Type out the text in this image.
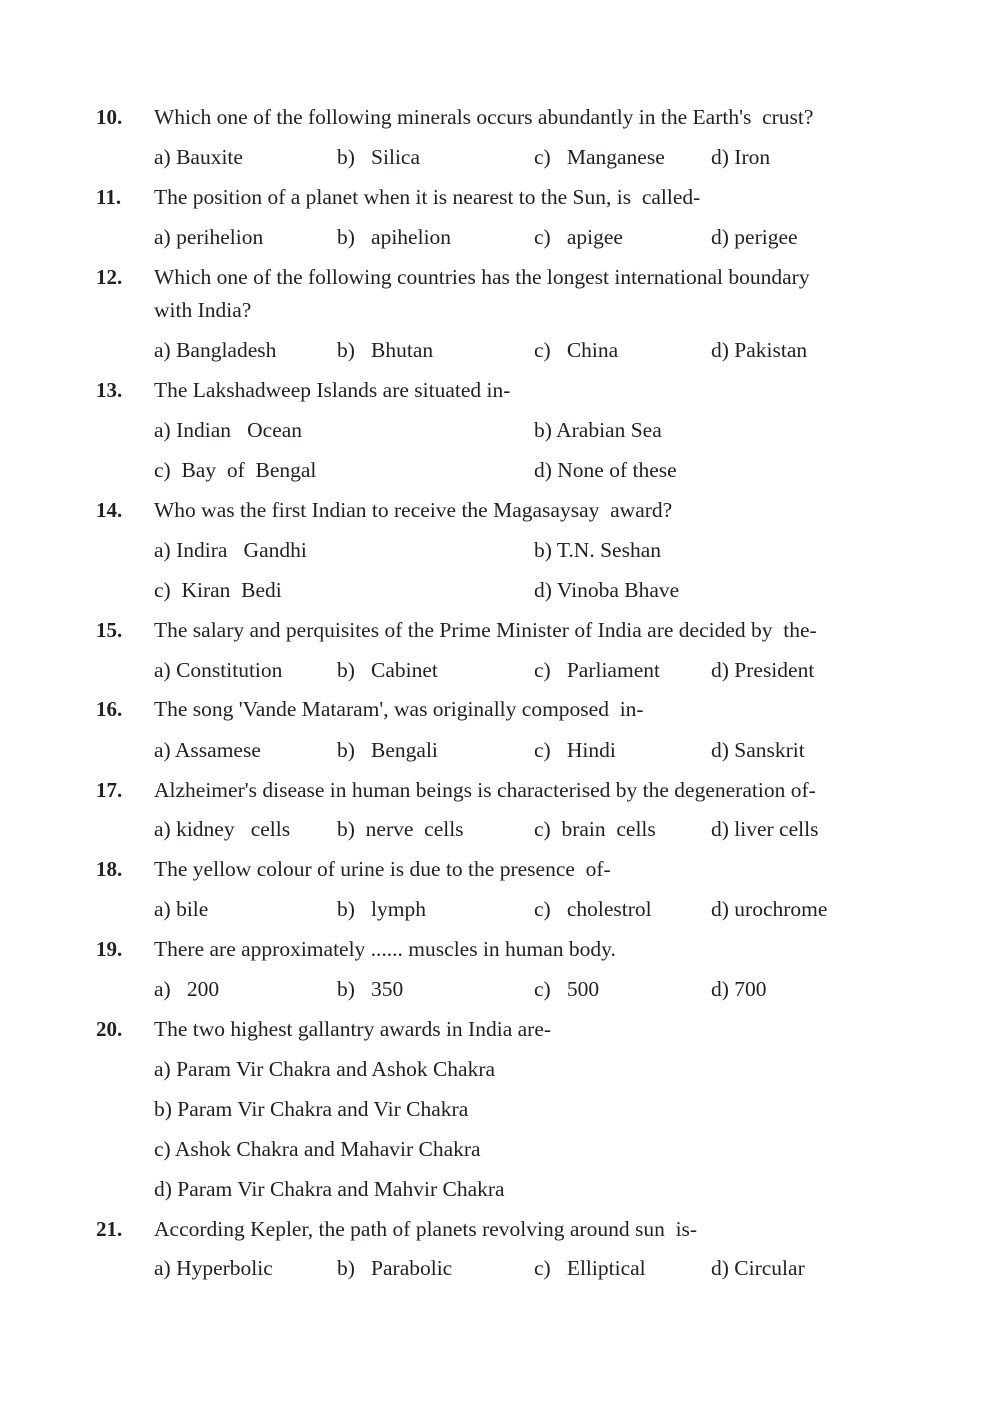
10. Which one of the following minerals occurs abundantly in the Earth's  crust?
a) Bauxite	b)   Silica	c)   Manganese d) Iron
11. The position of a planet when it is nearest to the Sun, is  called-
a) perihelion	b)   apihelion	c)   apigee	d) perigee
12. Which one of the following countries has the longest international boundary
with India?
a) Bangladesh	b)   Bhutan	c)   China	d) Pakistan
13. The Lakshadweep Islands are situated in-
a) Indian   Ocean	b) Arabian Sea
c)  Bay  of  Bengal	d) None of these
14. Who was the first Indian to receive the Magasaysay  award?
a) Indira   Gandhi	b) T.N. Seshan
c)  Kiran  Bedi	d) Vinoba Bhave
15. The salary and perquisites of the Prime Minister of India are decided by  the-
a) Constitution	b)   Cabinet	c)   Parliament d) President
16. The song 'Vande Mataram', was originally composed  in-
a) Assamese	b)   Bengali	c)   Hindi	d) Sanskrit
17. Alzheimer's disease in human beings is characterised by the degeneration of-
a) kidney   cells b)  nerve  cells	c)  brain  cells	d) liver cells
18. The yellow colour of urine is due to the presence  of-
a) bile	b)   lymph	c)   cholestrol	d) urochrome
19. There are approximately ...... muscles in human body.
a)   200	b)   350	c)   500	d) 700
20. The two highest gallantry awards in India are-
a) Param Vir Chakra and Ashok Chakra
b) Param Vir Chakra and Vir Chakra
c) Ashok Chakra and Mahavir Chakra
d) Param Vir Chakra and Mahvir Chakra
21. According Kepler, the path of planets revolving around sun  is-
a) Hyperbolic	b)   Parabolic	c)   Elliptical	d) Circular
